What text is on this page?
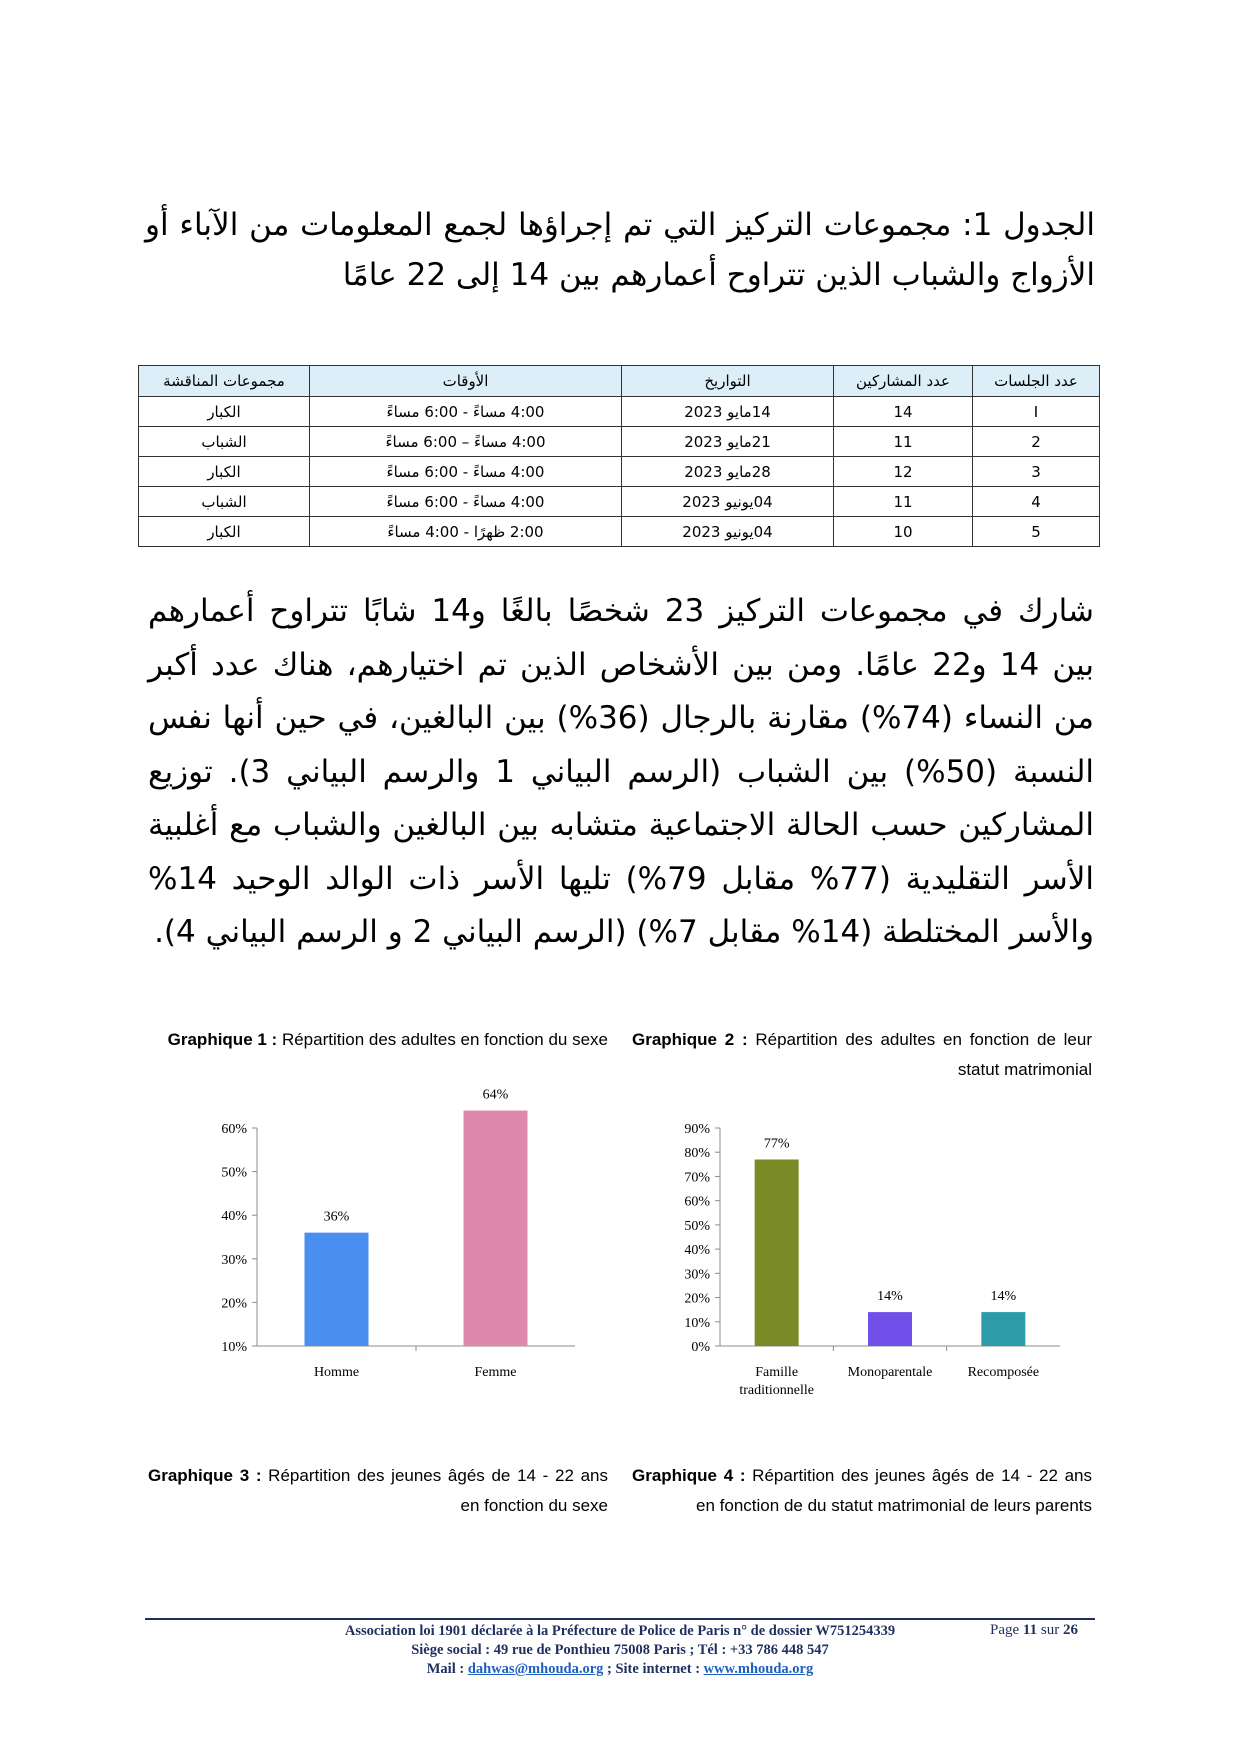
الجدول 1: مجموعات التركيز التي تم إجراؤها لجمع المعلومات من الآباء أو الأزواج والشباب الذين تتراوح أعمارهم بين 14 إلى 22 عامًا
عدد الجلسات	عدد المشاركين	التواريخ	الأوقات	مجموعات المناقشة
I	14	14مايو 2023	4:00 مساءً - 6:00 مساءً	الكبار
2	11	21مايو 2023	4:00 مساءً – 6:00 مساءً	الشباب
3	12	28مايو 2023	4:00 مساءً - 6:00 مساءً	الكبار
4	11	04يونيو 2023	4:00 مساءً - 6:00 مساءً	الشباب
5	10	04يونيو 2023	2:00 ظهرًا - 4:00 مساءً	الكبار
شارك في مجموعات التركيز 23 شخصًا بالغًا و14 شابًا تتراوح أعمارهم بين 14 و22 عامًا. ومن بين الأشخاص الذين تم اختيارهم، هناك عدد أكبر من النساء (74%) مقارنة بالرجال (36%) بين البالغين، في حين أنها نفس النسبة (50%) بين الشباب (الرسم البياني 1 والرسم البياني 3). توزيع المشاركين حسب الحالة الاجتماعية متشابه بين البالغين والشباب مع أغلبية الأسر التقليدية (77% مقابل 79%) تليها الأسر ذات الوالد الوحيد 14% والأسر المختلطة (14% مقابل 7%) (الرسم البياني 2 و الرسم البياني 4).
Graphique 1 : Répartition des adultes en fonction du sexe Graphique 2 : Répartition des adultes en fonction de leur statut matrimonial
10%
20%
30%
40%
50%
60%
36%
Homme
64%
Femme
0%
10%
20%
30%
40%
50%
60%
70%
80%
90%
77%
Famille
traditionnelle
14%
Monoparentale
14%
Recomposée
Graphique 3 : Répartition des jeunes âgés de 14 - 22 ans en fonction du sexe
Graphique 4 : Répartition des jeunes âgés de 14 - 22 ans en fonction de du statut matrimonial de leurs parents
Association loi 1901 déclarée à la Préfecture de Police de Paris n° de dossier W751254339
Siège social : 49 rue de Ponthieu 75008 Paris ; Tél : +33 786 448 547
Mail : dahwas@mhouda.org ; Site internet : www.mhouda.org
Page 11 sur 26
